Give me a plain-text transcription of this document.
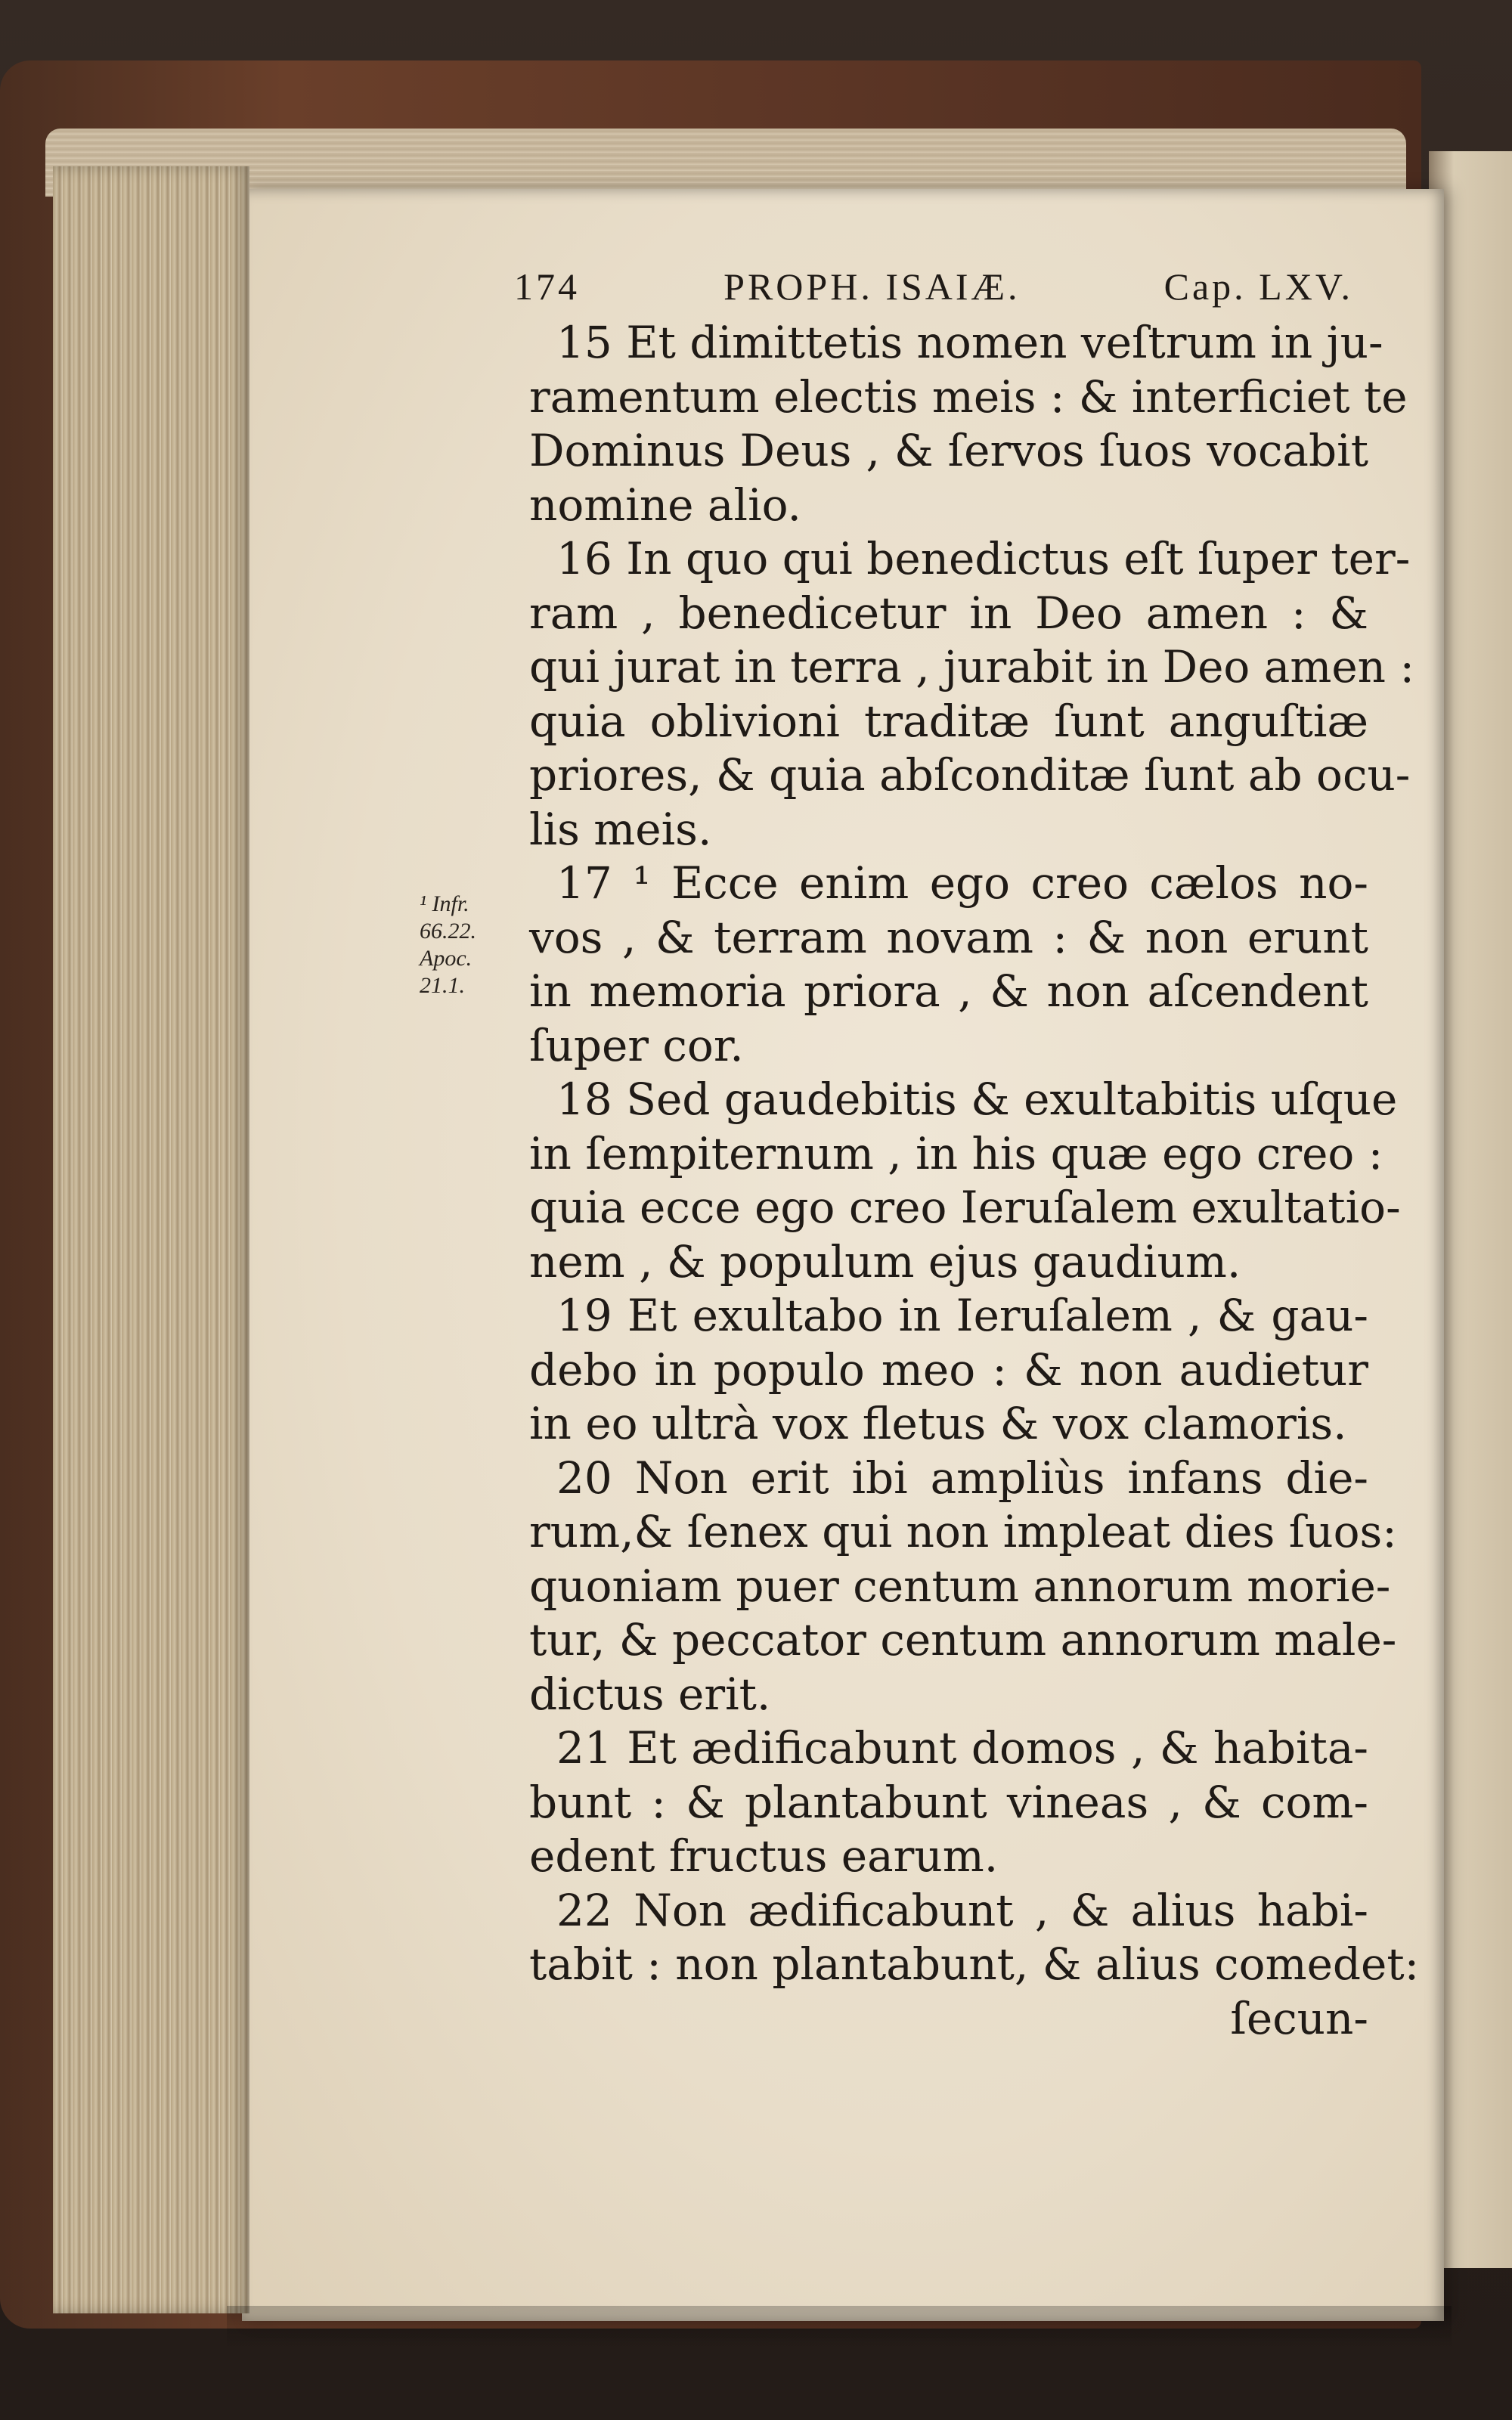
174	PROPH. ISAIÆ.	Cap. LXV.
15 Et dimittetis nomen veſtrum in ju-
ramentum electis meis : & interficiet te
Dominus Deus , & ſervos ſuos vocabit
nomine alio.
16 In quo qui benedictus eſt ſuper ter-
ram , benedicetur in Deo amen : &
qui jurat in terra , jurabit in Deo amen :
quia oblivioni traditæ ſunt anguſtiæ
priores, & quia abſconditæ ſunt ab ocu-
lis meis.
17 ¹ Ecce enim ego creo cælos no-
vos , & terram novam : & non erunt
in memoria priora , & non aſcendent
ſuper cor.
18 Sed gaudebitis & exultabitis uſque
in ſempiternum , in his quæ ego creo :
quia ecce ego creo Ieruſalem exultatio-
nem , & populum ejus gaudium.
19 Et exultabo in Ieruſalem , & gau-
debo in populo meo : & non audietur
in eo ultrà vox fletus & vox clamoris.
20 Non erit ibi ampliùs infans die-
rum,& ſenex qui non impleat dies ſuos:
quoniam puer centum annorum morie-
tur, & peccator centum annorum male-
dictus erit.
21 Et ædificabunt domos , & habita-
bunt : & plantabunt vineas , & com-
edent fructus earum.
22 Non ædificabunt , & alius habi-
tabit : non plantabunt, & alius comedet:
ſecun-
¹ Infr.
66.22.
Apoc.
21.1.
